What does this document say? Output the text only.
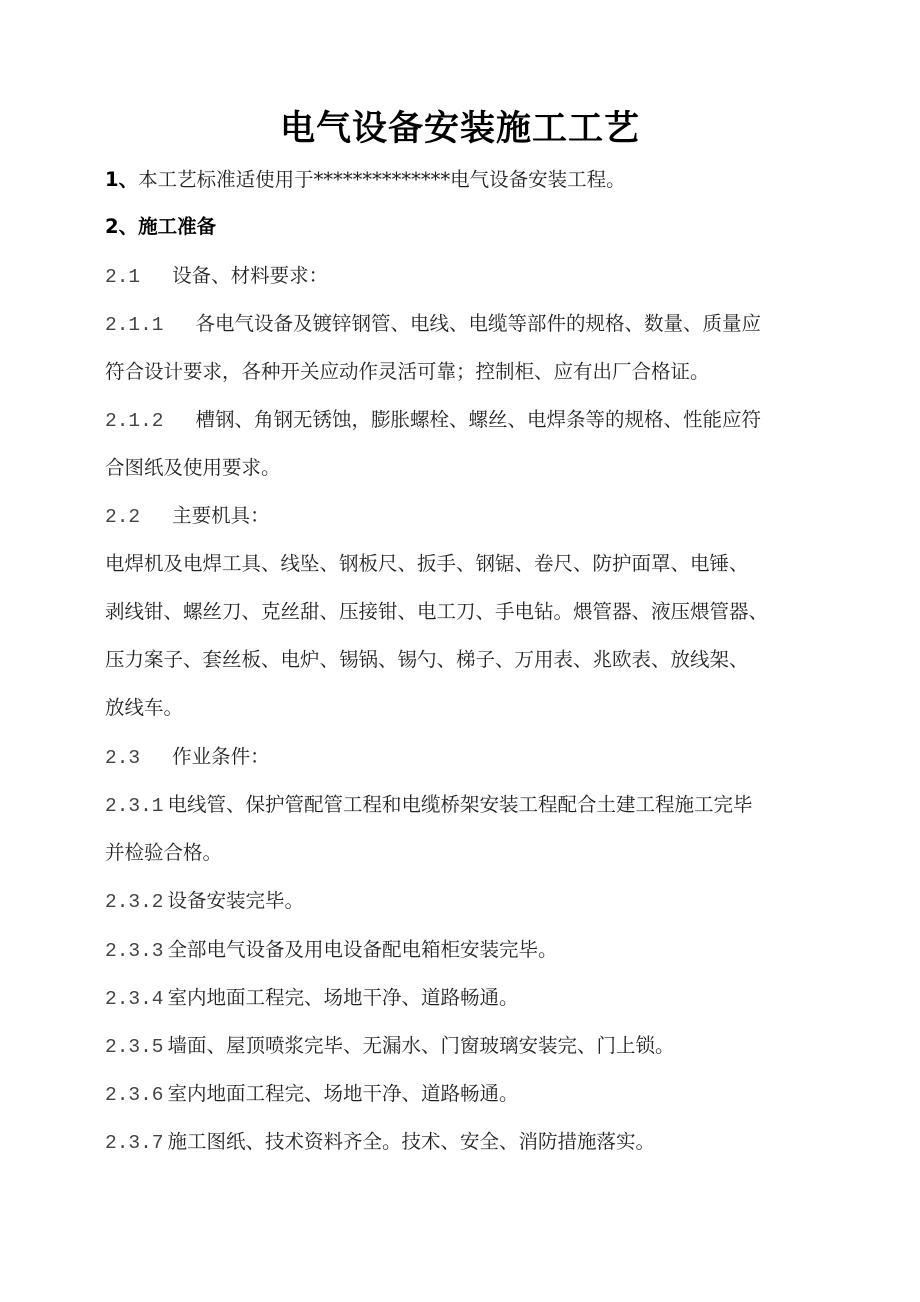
电气设备安装施工工艺

1、本工艺标准适使用于**************电气设备安装工程。

2、施工准备

2.1 设备、材料要求：

2.1.1 各电气设备及镀锌钢管、电线、电缆等部件的规格、数量、质量应

符合设计要求，各种开关应动作灵活可靠；控制柜、应有出厂合格证。

2.1.2 槽钢、角钢无锈蚀，膨胀螺栓、螺丝、电焊条等的规格、性能应符

合图纸及使用要求。

2.2 主要机具：

电焊机及电焊工具、线坠、钢板尺、扳手、钢锯、卷尺、防护面罩、电锤、

剥线钳、螺丝刀、克丝甜、压接钳、电工刀、手电钻。煨管器、液压煨管器、

压力案子、套丝板、电炉、锡锅、锡勺、梯子、万用表、兆欧表、放线架、

放线车。

2.3 作业条件：

2.3.1 电线管、保护管配管工程和电缆桥架安装工程配合土建工程施工完毕

并检验合格。

2.3.2 设备安装完毕。

2.3.3 全部电气设备及用电设备配电箱柜安装完毕。

2.3.4 室内地面工程完、场地干净、道路畅通。

2.3.5 墙面、屋顶喷浆完毕、无漏水、门窗玻璃安装完、门上锁。

2.3.6 室内地面工程完、场地干净、道路畅通。

2.3.7 施工图纸、技术资料齐全。技术、安全、消防措施落实。
